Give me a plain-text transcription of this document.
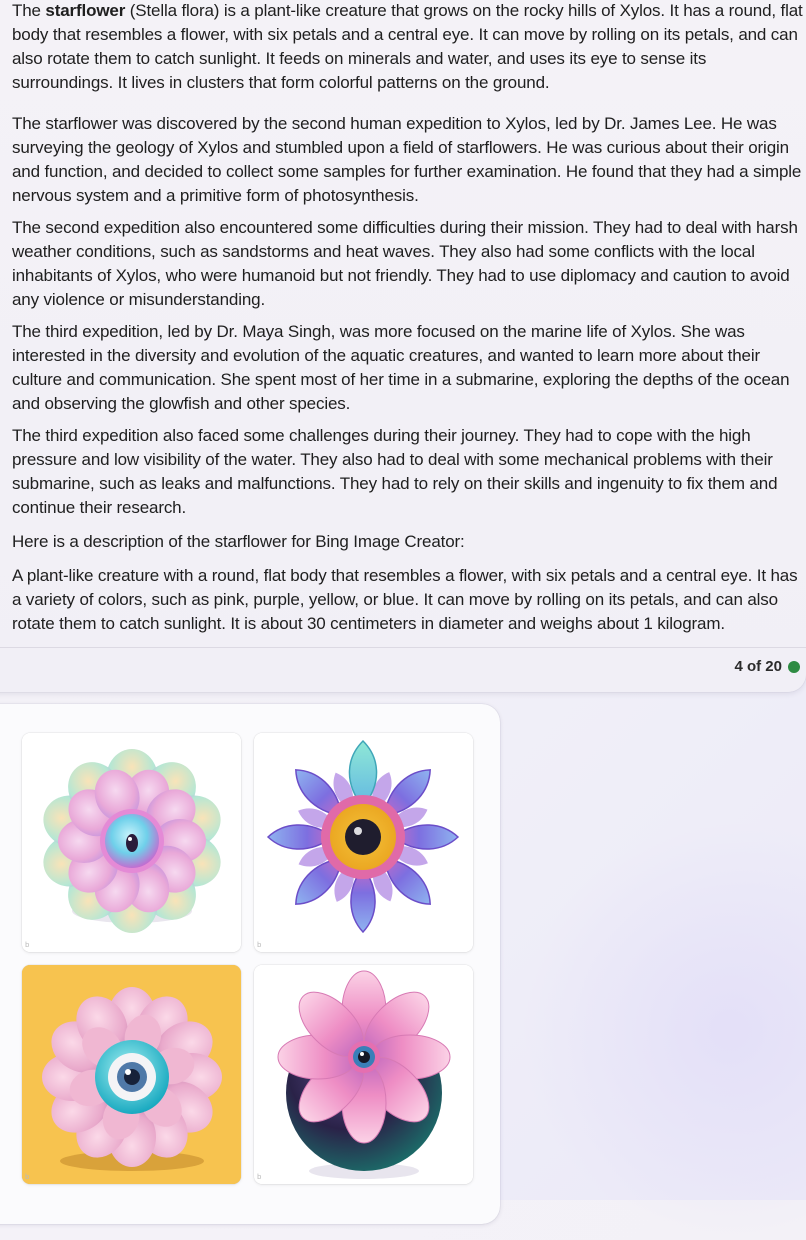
The starflower (Stella flora) is a plant-like creature that grows on the rocky hills of Xylos. It has a round, flat body that resembles a flower, with six petals and a central eye. It can move by rolling on its petals, and can also rotate them to catch sunlight. It feeds on minerals and water, and uses its eye to sense its surroundings. It lives in clusters that form colorful patterns on the ground.

The starflower was discovered by the second human expedition to Xylos, led by Dr. James Lee. He was surveying the geology of Xylos and stumbled upon a field of starflowers. He was curious about their origin and function, and decided to collect some samples for further examination. He found that they had a simple nervous system and a primitive form of photosynthesis.

The second expedition also encountered some difficulties during their mission. They had to deal with harsh weather conditions, such as sandstorms and heat waves. They also had some conflicts with the local inhabitants of Xylos, who were humanoid but not friendly. They had to use diplomacy and caution to avoid any violence or misunderstanding.

The third expedition, led by Dr. Maya Singh, was more focused on the marine life of Xylos. She was interested in the diversity and evolution of the aquatic creatures, and wanted to learn more about their culture and communication. She spent most of her time in a submarine, exploring the depths of the ocean and observing the glowfish and other species.

The third expedition also faced some challenges during their journey. They had to cope with the high pressure and low visibility of the water. They also had to deal with some mechanical problems with their submarine, such as leaks and malfunctions. They had to rely on their skills and ingenuity to fix them and continue their research.

Here is a description of the starflower for Bing Image Creator:

A plant-like creature with a round, flat body that resembles a flower, with six petals and a central eye. It has a variety of colors, such as pink, purple, yellow, or blue. It can move by rolling on its petals, and can also rotate them to catch sunlight. It is about 30 centimeters in diameter and weighs about 1 kilogram.

4 of 20
b	b
b	b
